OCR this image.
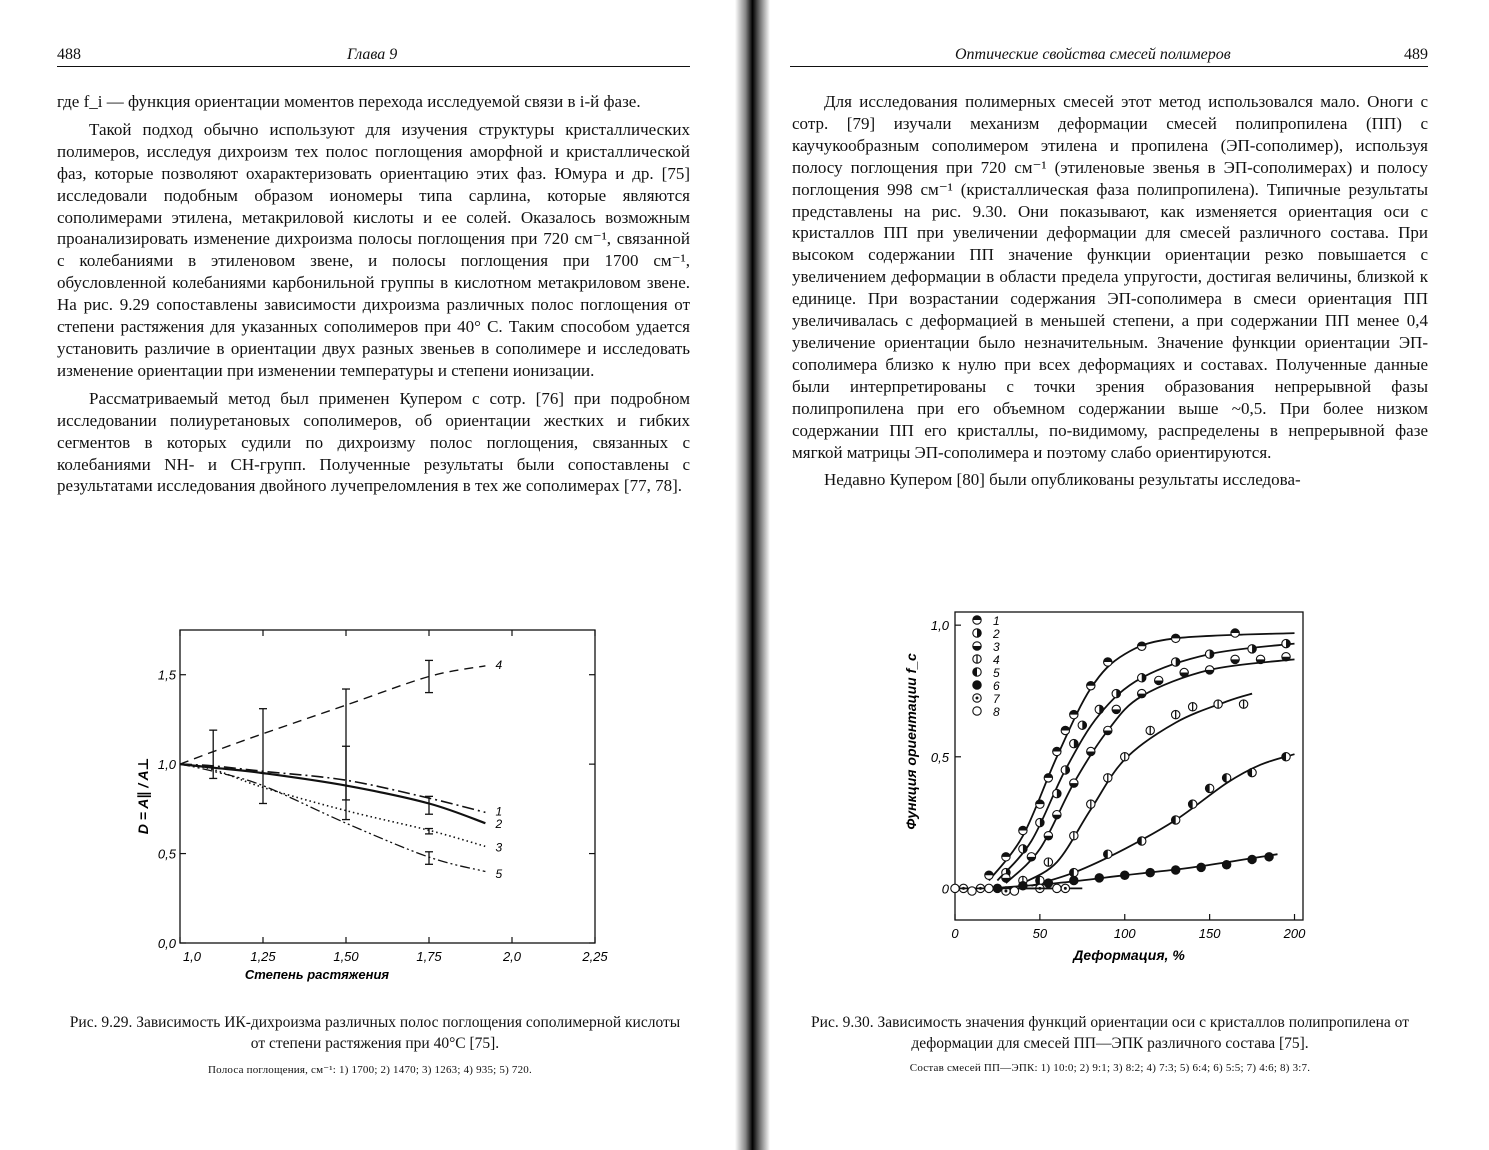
488	Глава 9

где f_i — функция ориентации моментов перехода исследуемой связи в i-й фазе.

Такой подход обычно используют для изучения структуры кристаллических полимеров, исследуя дихроизм тех полос поглощения аморфной и кристаллической фаз, которые позволяют охарактеризовать ориентацию этих фаз. Юмура и др. [75] исследовали подобным образом иономеры типа сарлина, которые являются сополимерами этилена, метакриловой кислоты и ее солей. Оказалось возможным проанализировать изменение дихроизма полосы поглощения при 720 см⁻¹, связанной с колебаниями в этиленовом звене, и полосы поглощения при 1700 см⁻¹, обусловленной колебаниями карбонильной группы в кислотном метакриловом звене. На рис. 9.29 сопоставлены зависимости дихроизма различных полос поглощения от степени растяжения для указанных сополимеров при 40° С. Таким способом удается установить различие в ориентации двух разных звеньев в сополимере и исследовать изменение ориентации при изменении температуры и степени ионизации.

Рассматриваемый метод был применен Купером с сотр. [76] при подробном исследовании полиуретановых сополимеров, об ориентации жестких и гибких сегментов в которых судили по дихроизму полос поглощения, связанных с колебаниями NH- и CH-групп. Полученные результаты были сопоставлены с результатами исследования двойного лучепреломления в тех же сополимерах [77, 78].

1,0	1,25	1,50	1,75	2,0	2,25
0,0
0,5
1,0
1,5
Степень растяжения
D = A∥ / A⊥	1
2
3
4
5
Рис. 9.29. Зависимость ИК-дихроизма различных полос поглощения сополимерной кислоты от степени растяжения при 40°С [75].
Полоса поглощения, см⁻¹: 1) 1700; 2) 1470; 3) 1263; 4) 935; 5) 720.
Оптические свойства смесей полимеров	489

Для исследования полимерных смесей этот метод использовался мало. Оноги с сотр. [79] изучали механизм деформации смесей полипропилена (ПП) с каучукообразным сополимером этилена и пропилена (ЭП-сополимер), используя полосу поглощения при 720 см⁻¹ (этиленовые звенья в ЭП-сополимерах) и полосу поглощения 998 см⁻¹ (кристаллическая фаза полипропилена). Типичные результаты представлены на рис. 9.30. Они показывают, как изменяется ориентация оси c кристаллов ПП при увеличении деформации для смесей различного состава. При высоком содержании ПП значение функции ориентации резко повышается с увеличением деформации в области предела упругости, достигая величины, близкой к единице. При возрастании содержания ЭП-сополимера в смеси ориентация ПП увеличивалась с деформацией в меньшей степени, а при содержании ПП менее 0,4 увеличение ориентации было незначительным. Значение функции ориентации ЭП-сополимера близко к нулю при всех деформациях и составах. Полученные данные были интерпретированы с точки зрения образования непрерывной фазы полипропилена при его объемном содержании выше ~0,5. При более низком содержании ПП его кристаллы, по-видимому, распределены в непрерывной фазе мягкой матрицы ЭП-сополимера и поэтому слабо ориентируются.

Недавно Купером [80] были опубликованы результаты исследова-

0	50	100	150	200
0
0,5
1,0
Деформация, %
Функция ориентации f_c
1
2
3
4
5
6
7
8
Рис. 9.30. Зависимость значения функций ориентации оси c кристаллов полипропилена от деформации для смесей ПП—ЭПК различного состава [75].
Состав смесей ПП—ЭПК: 1) 10:0; 2) 9:1; 3) 8:2; 4) 7:3; 5) 6:4; 6) 5:5; 7) 4:6; 8) 3:7.
